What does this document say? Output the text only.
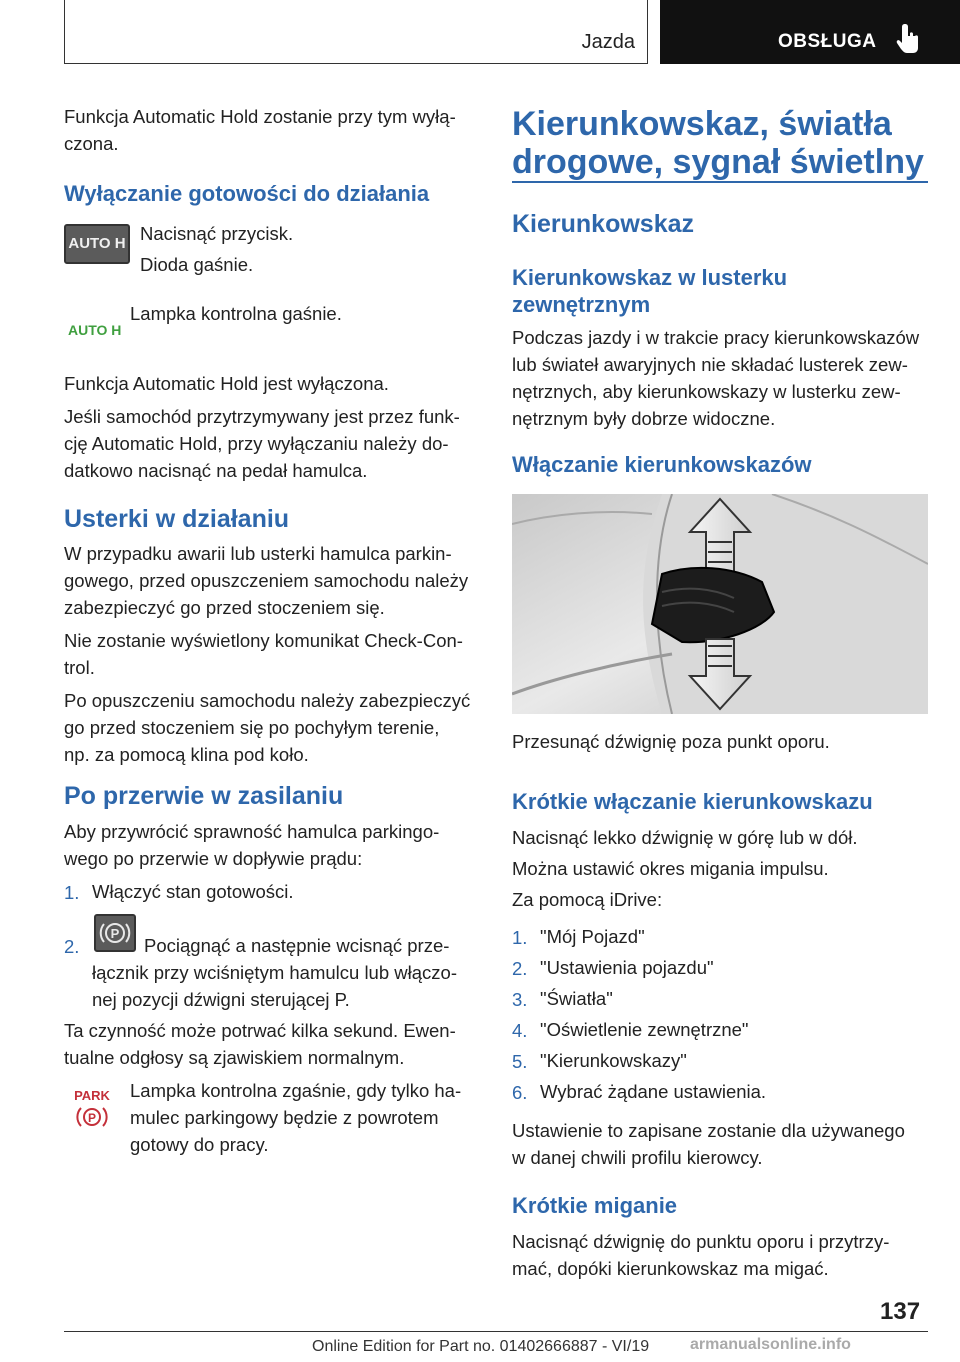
Jazda	OBSŁUGA

Funkcja Automatic Hold zostanie przy tym wyłą-

czona.

Wyłączanie gotowości do działania

AUTO H Nacisnąć przycisk.

Dioda gaśnie.

AUTO H

Lampka kontrolna gaśnie.

Funkcja Automatic Hold jest wyłączona.

Jeśli samochód przytrzymywany jest przez funk-

cję Automatic Hold, przy wyłączaniu należy do-

datkowo nacisnąć na pedał hamulca.

Usterki w działaniu

W przypadku awarii lub usterki hamulca parkin-

gowego, przed opuszczeniem samochodu należy

zabezpieczyć go przed stoczeniem się.

Nie zostanie wyświetlony komunikat Check-Con-

trol.

Po opuszczeniu samochodu należy zabezpieczyć

go przed stoczeniem się po pochyłym terenie,

np. za pomocą klina pod koło.

Po przerwie w zasilaniu

Aby przywrócić sprawność hamulca parkingo-

wego po przerwie w dopływie prądu:

1. Włączyć stan gotowości.

2.
P

Pociągnąć a następnie wcisnąć prze-

łącznik przy wciśniętym hamulcu lub włączo-

nej pozycji dźwigni sterującej P.

Ta czynność może potrwać kilka sekund. Ewen-

tualne odgłosy są zjawiskiem normalnym.

PARK
P

Lampka kontrolna zgaśnie, gdy tylko ha-

mulec parkingowy będzie z powrotem

gotowy do pracy.

Kierunkowskaz, światła

drogowe, sygnał świetlny

Kierunkowskaz

Kierunkowskaz w lusterku

zewnętrznym

Podczas jazdy i w trakcie pracy kierunkowskazów

lub świateł awaryjnych nie składać lusterek zew-

nętrznych, aby kierunkowskazy w lusterku zew-

nętrznym były dobrze widoczne.

Włączanie kierunkowskazów

Przesunąć dźwignię poza punkt oporu.

Krótkie włączanie kierunkowskazu

Nacisnąć lekko dźwignię w górę lub w dół.

Można ustawić okres migania impulsu.

Za pomocą iDrive:

1. "Mój Pojazd"

2. "Ustawienia pojazdu"

3. "Światła"

4. "Oświetlenie zewnętrzne"

5. "Kierunkowskazy"

6. Wybrać żądane ustawienia.

Ustawienie to zapisane zostanie dla używanego

w danej chwili profilu kierowcy.

Krótkie miganie

Nacisnąć dźwignię do punktu oporu i przytrzy-

mać, dopóki kierunkowskaz ma migać.

137
Online Edition for Part no. 01402666887 - VI/19	armanualsonline.info
